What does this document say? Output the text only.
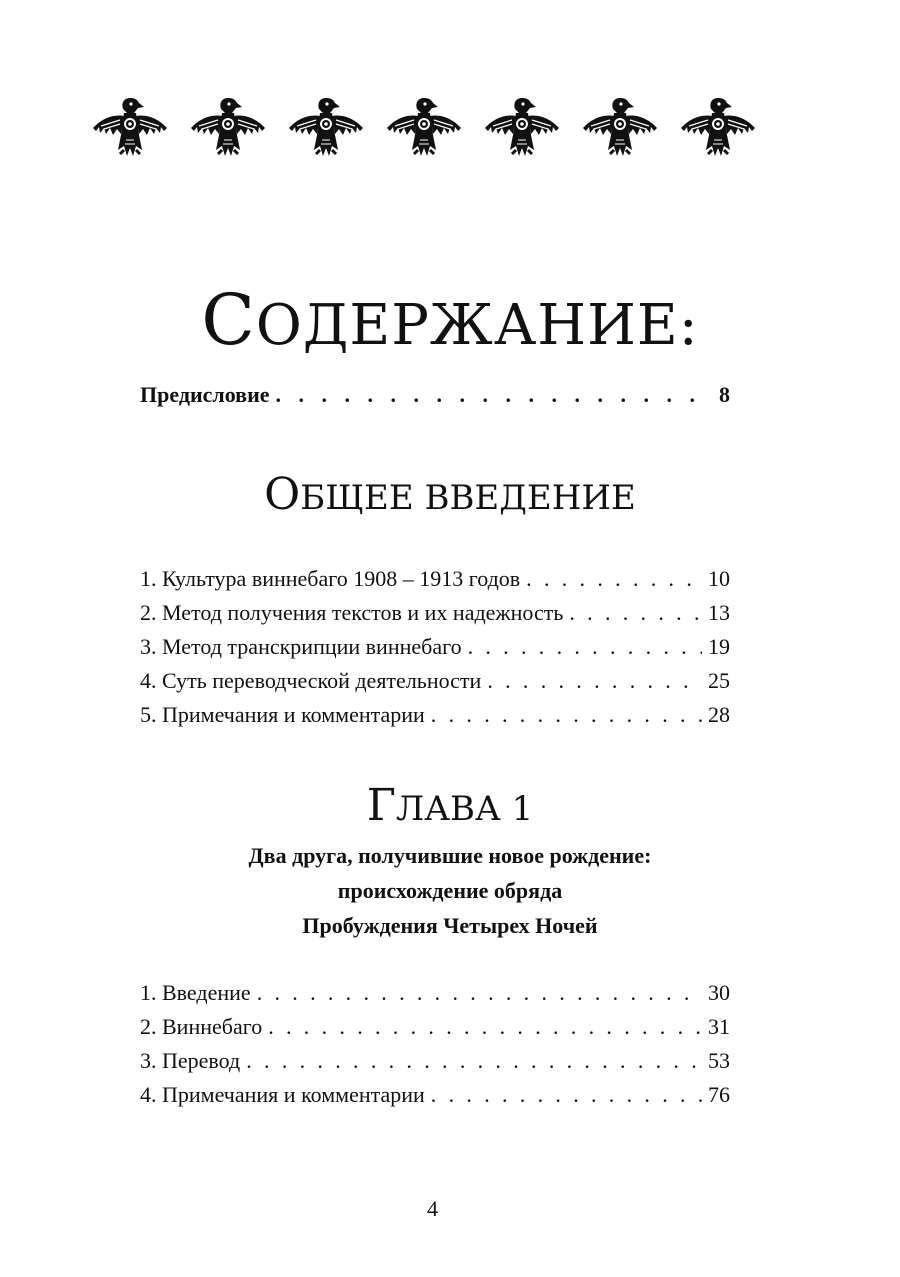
СОДЕРЖАНИЕ:
Предисловие . . .	8
ОБЩЕЕ ВВЕДЕНИЕ
1. Культура виннебаго 1908 – 1913 годов . . .	10
2. Метод получения текстов и их надежность . . .	13
3. Метод транскрипции виннебаго . . .	19
4. Суть переводческой деятельности . . .	25
5. Примечания и комментарии . . .	28
ГЛАВА 1
Два друга, получившие новое рождение:
происхождение обряда
Пробуждения Четырех Ночей
1. Введение . . .	30
2. Виннебаго . . .	31
3. Перевод . . .	53
4. Примечания и комментарии . . .	76
4
